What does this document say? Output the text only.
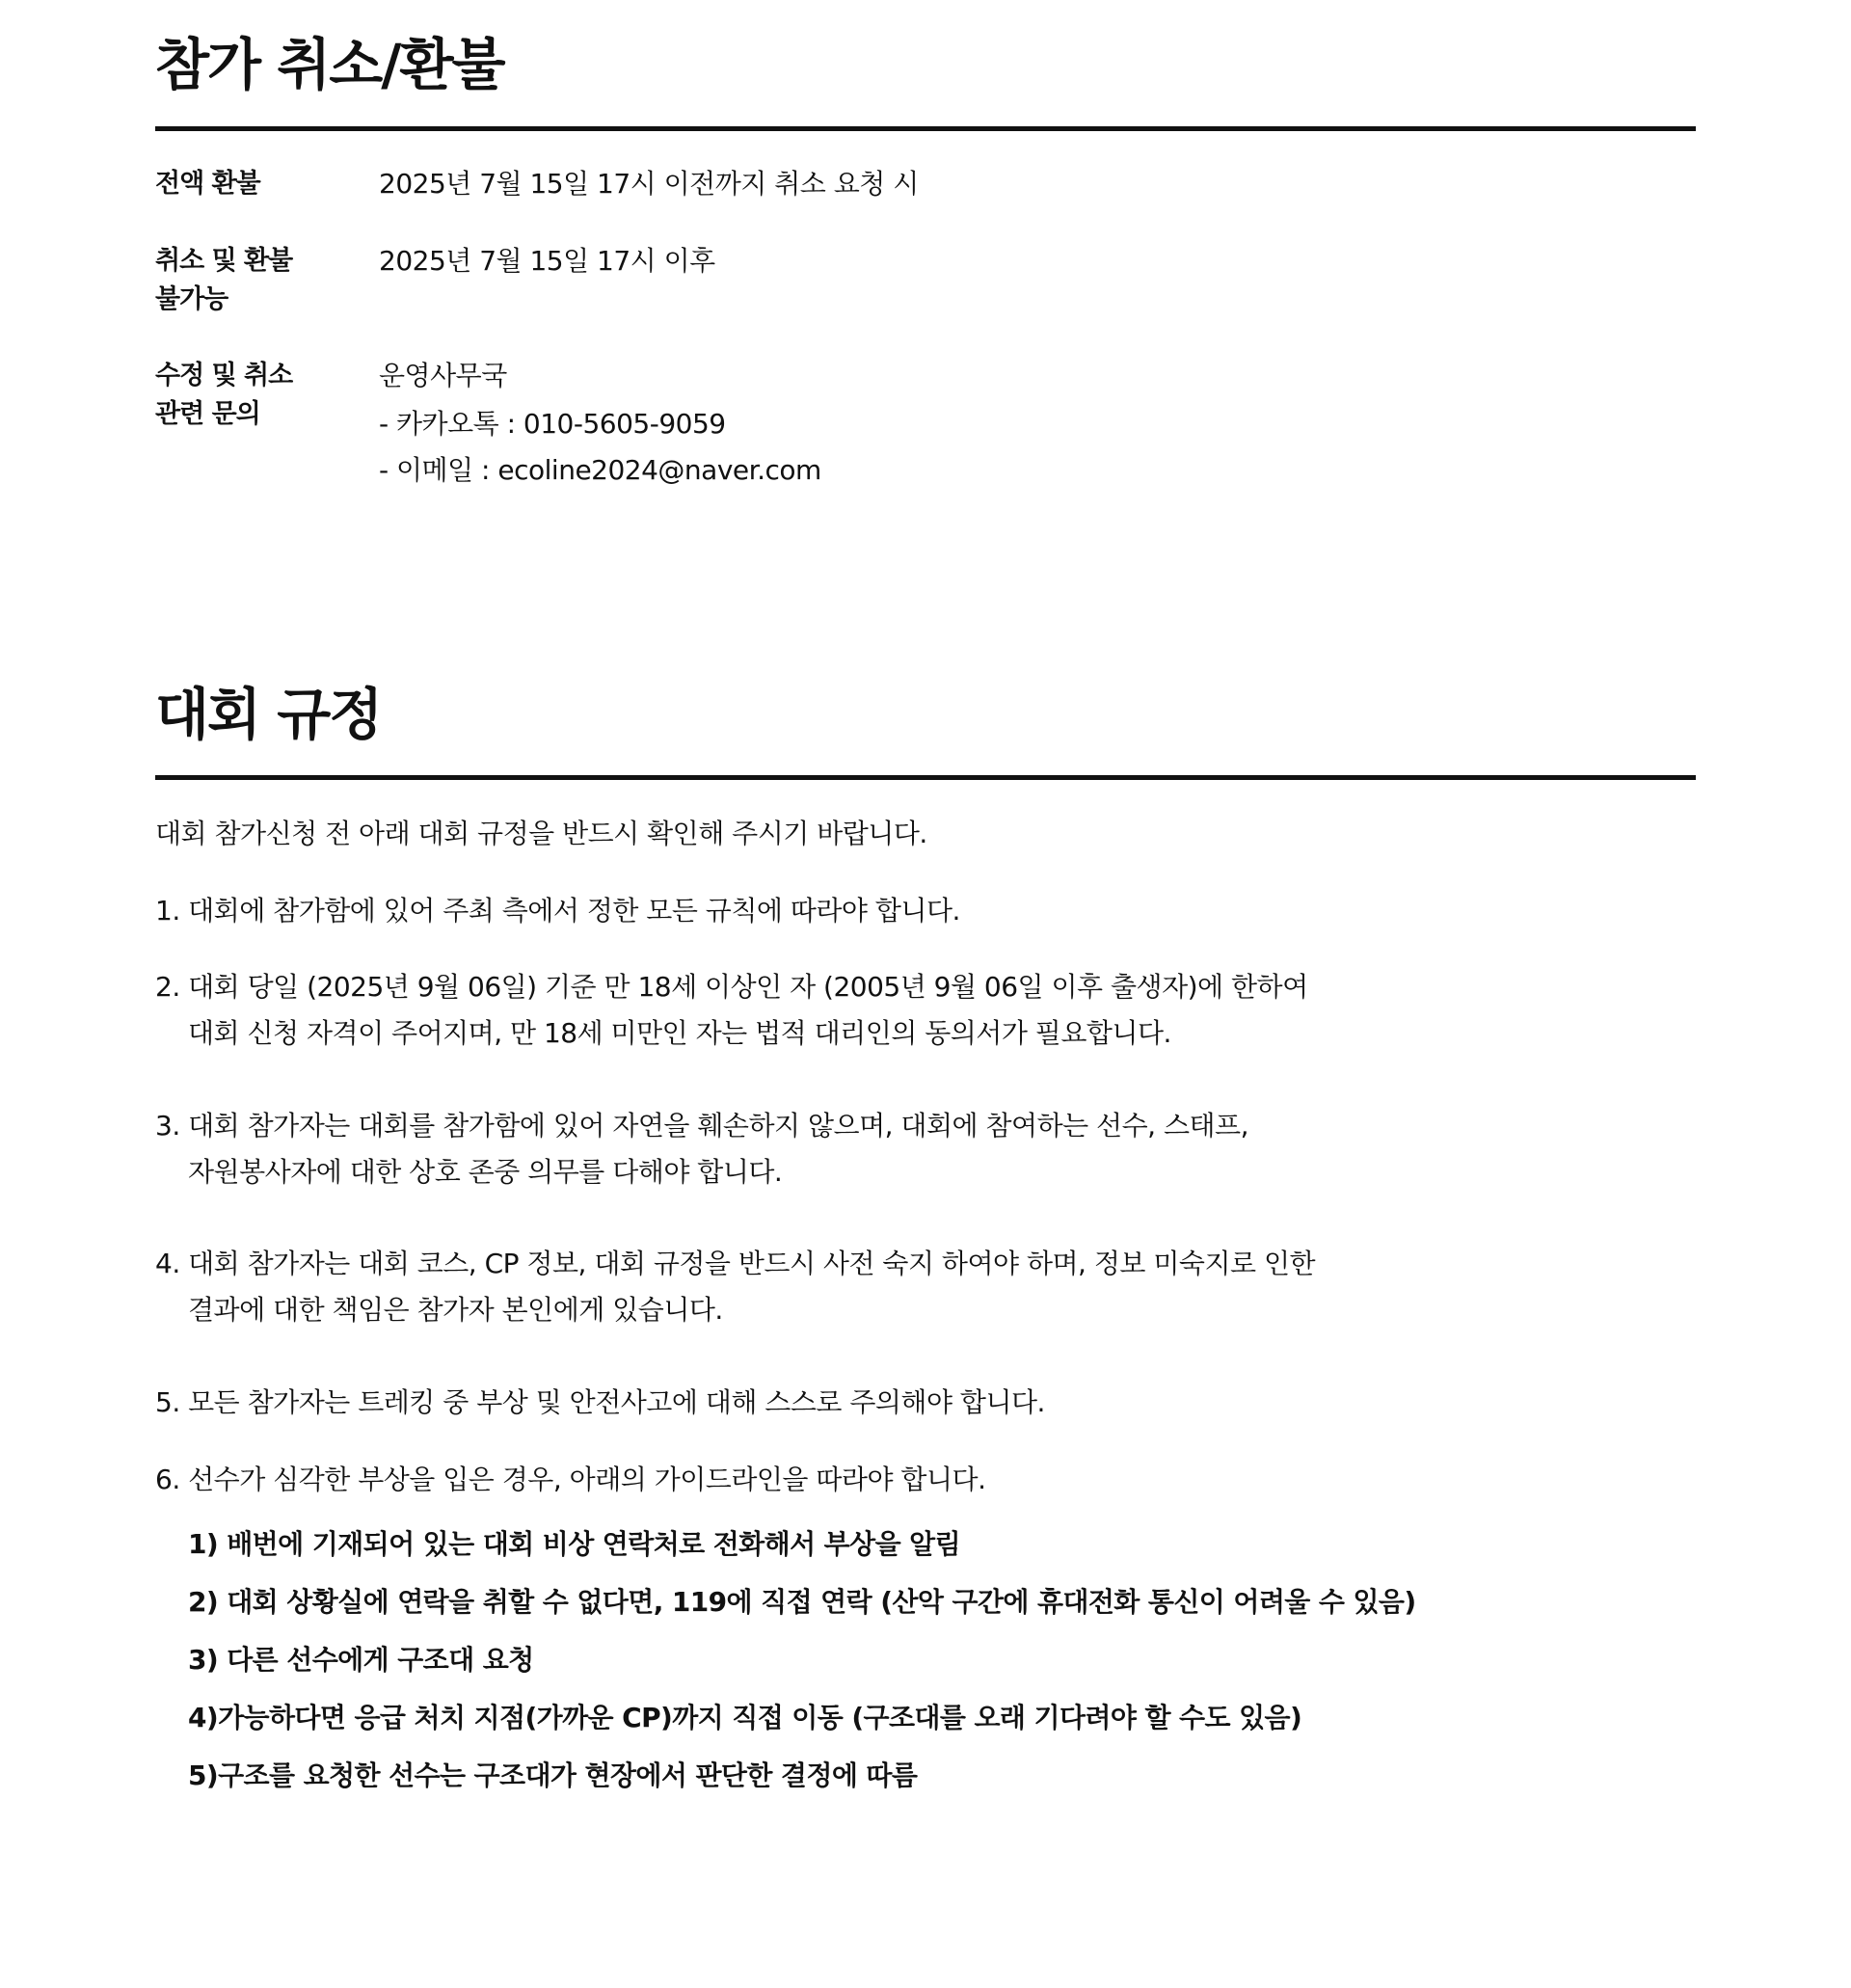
참가 취소/환불
전액 환불	2025년 7월 15일 17시 이전까지 취소 요청 시
취소 및 환불
불가능
2025년 7월 15일 17시 이후
수정 및 취소
관련 문의
운영사무국
- 카카오톡 : 010-5605-9059
- 이메일 : ecoline2024@naver.com
대회 규정
대회 참가신청 전 아래 대회 규정을 반드시 확인해 주시기 바랍니다.
1. 대회에 참가함에 있어 주최 측에서 정한 모든 규칙에 따라야 합니다.
2. 대회 당일 (2025년 9월 06일) 기준 만 18세 이상인 자 (2005년 9월 06일 이후 출생자)에 한하여
대회 신청 자격이 주어지며, 만 18세 미만인 자는 법적 대리인의 동의서가 필요합니다.
3. 대회 참가자는 대회를 참가함에 있어 자연을 훼손하지 않으며, 대회에 참여하는 선수, 스태프,
자원봉사자에 대한 상호 존중 의무를 다해야 합니다.
4. 대회 참가자는 대회 코스, CP 정보, 대회 규정을 반드시 사전 숙지 하여야 하며, 정보 미숙지로 인한
결과에 대한 책임은 참가자 본인에게 있습니다.
5. 모든 참가자는 트레킹 중 부상 및 안전사고에 대해 스스로 주의해야 합니다.
6. 선수가 심각한 부상을 입은 경우, 아래의 가이드라인을 따라야 합니다.
1) 배번에 기재되어 있는 대회 비상 연락처로 전화해서 부상을 알림
2) 대회 상황실에 연락을 취할 수 없다면, 119에 직접 연락 (산악 구간에 휴대전화 통신이 어려울 수 있음)
3) 다른 선수에게 구조대 요청
4)가능하다면 응급 처치 지점(가까운 CP)까지 직접 이동 (구조대를 오래 기다려야 할 수도 있음)
5)구조를 요청한 선수는 구조대가 현장에서 판단한 결정에 따름
